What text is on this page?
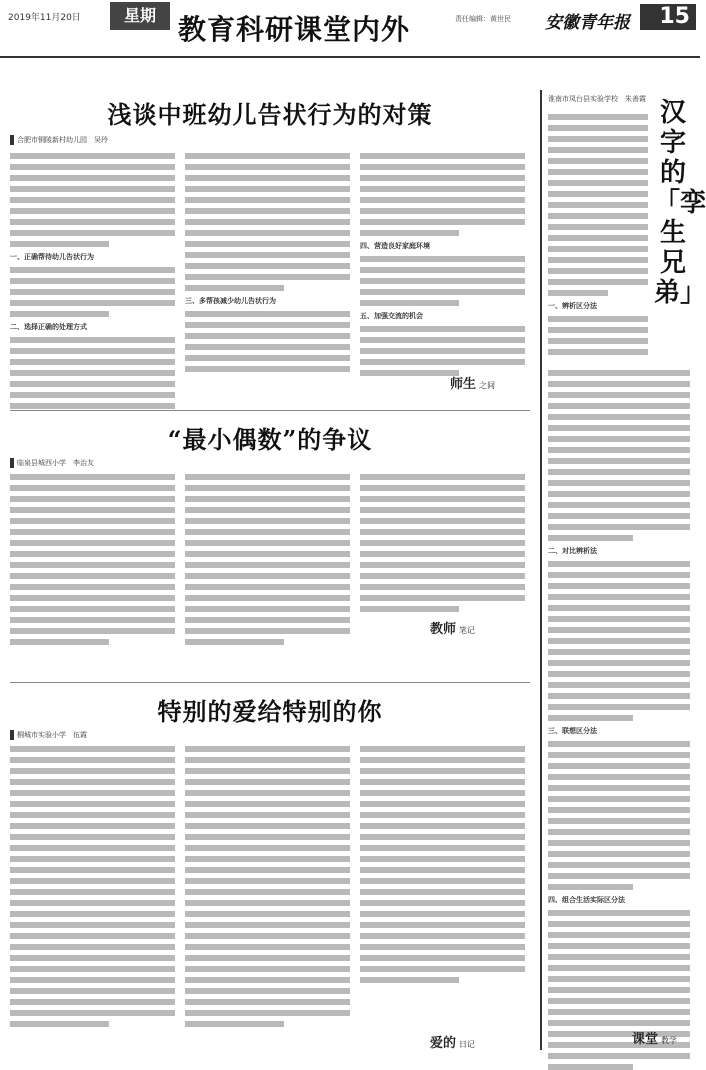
2019年11月20日	星期 教育科研课堂内外	责任编辑：黄世民 安徽青年报	15
浅谈中班幼儿告状行为的对策
合肥市铜陵新村幼儿园　吴玲
一、正确帮待幼儿告状行为
二、选择正确的处理方式
三、多帮孩减少幼儿告状行为
四、营造良好家庭环境
五、加强交流的机会
师生 之间
“最小偶数”的争议
临泉县城西小学　李治友
教师 笔记
特别的爱给特别的你
桐城市实验小学　伍霞
爱的 日记
淮南市凤台县实验学校　朱善霞 汉字的「孪生兄弟」
一、辨析区分法
二、对比辨析法
三、联想区分法
四、组合生活实际区分法
课堂 教学
